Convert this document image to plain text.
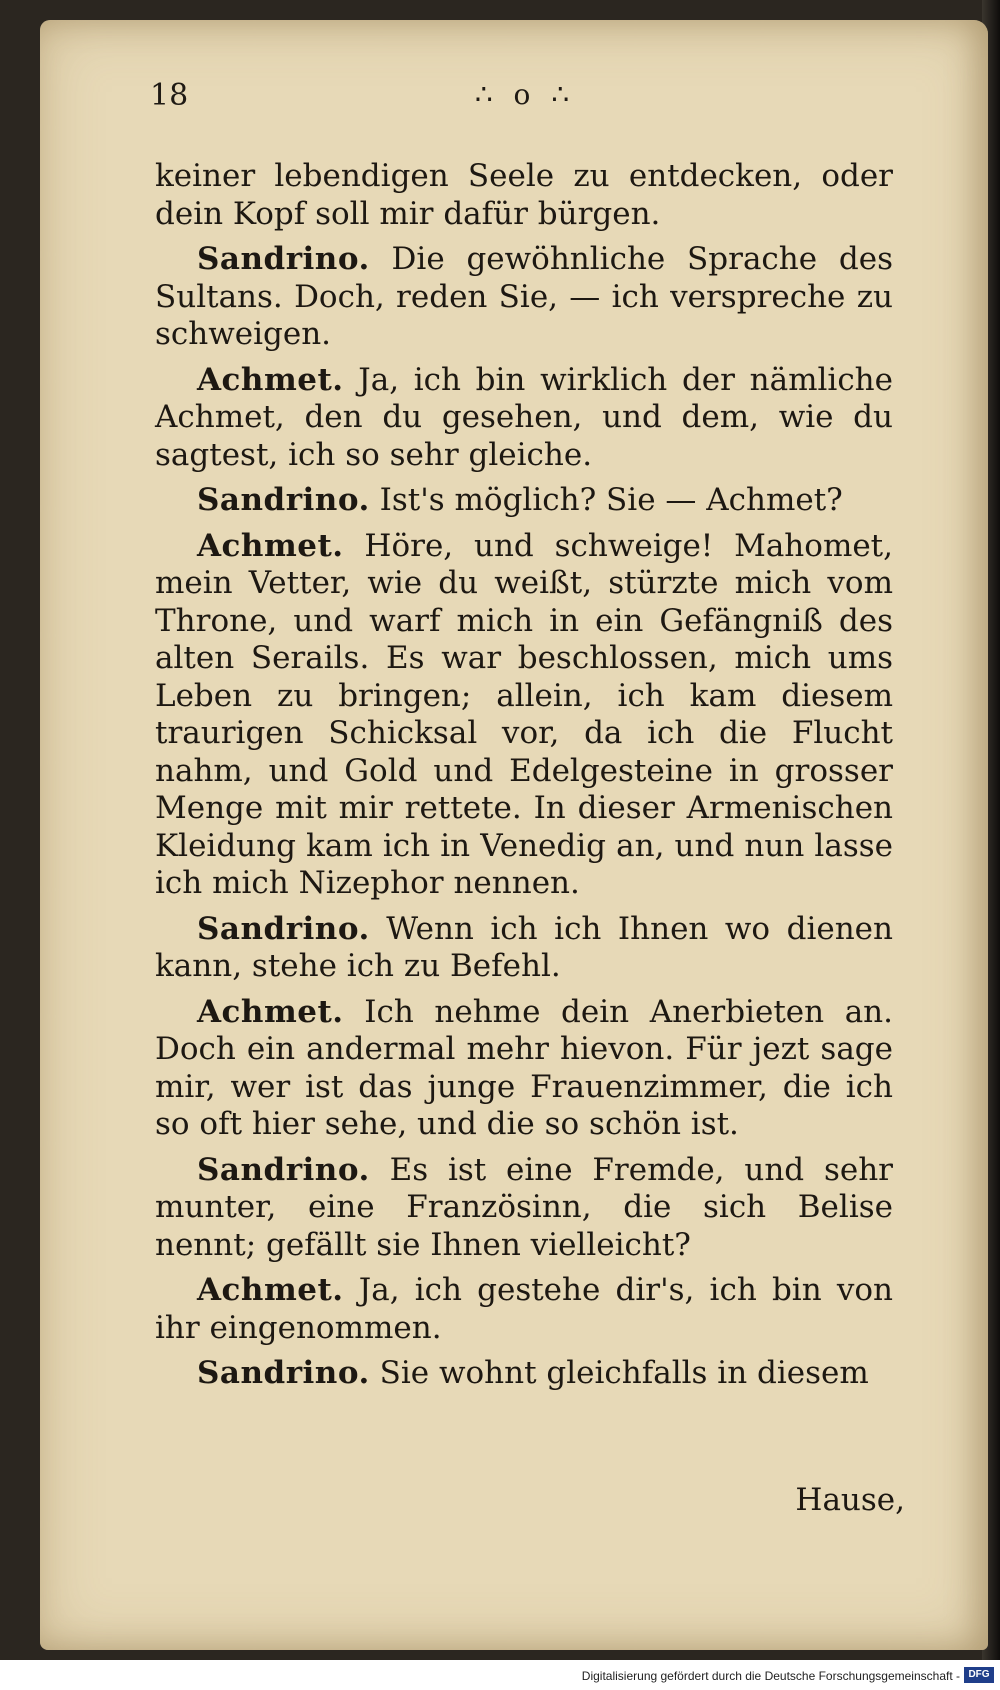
18	∴ o ∴

keiner lebendigen Seele zu entdecken, oder dein Kopf soll mir dafür bürgen.

Sandrino. Die gewöhnliche Sprache des Sultans. Doch, reden Sie, — ich verspreche zu schweigen.

Achmet. Ja, ich bin wirklich der nämliche Achmet, den du gesehen, und dem, wie du sagtest, ich so sehr gleiche.

Sandrino. Ist's möglich? Sie — Achmet?

Achmet. Höre, und schweige! Mahomet, mein Vetter, wie du weißt, stürzte mich vom Throne, und warf mich in ein Gefängniß des alten Serails. Es war beschlossen, mich ums Leben zu bringen; allein, ich kam diesem traurigen Schicksal vor, da ich die Flucht nahm, und Gold und Edelgesteine in grosser Menge mit mir rettete. In dieser Armenischen Kleidung kam ich in Venedig an, und nun lasse ich mich Nizephor nennen.

Sandrino. Wenn ich ich Ihnen wo dienen kann, stehe ich zu Befehl.

Achmet. Ich nehme dein Anerbieten an. Doch ein andermal mehr hievon. Für jezt sage mir, wer ist das junge Frauenzimmer, die ich so oft hier sehe, und die so schön ist.

Sandrino. Es ist eine Fremde, und sehr munter, eine Französinn, die sich Belise nennt; gefällt sie Ihnen vielleicht?

Achmet. Ja, ich gestehe dir's, ich bin von ihr eingenommen.

Sandrino. Sie wohnt gleichfalls in diesem

Hause,
Digitalisierung gefördert durch die Deutsche Forschungsgemeinschaft - DFG
